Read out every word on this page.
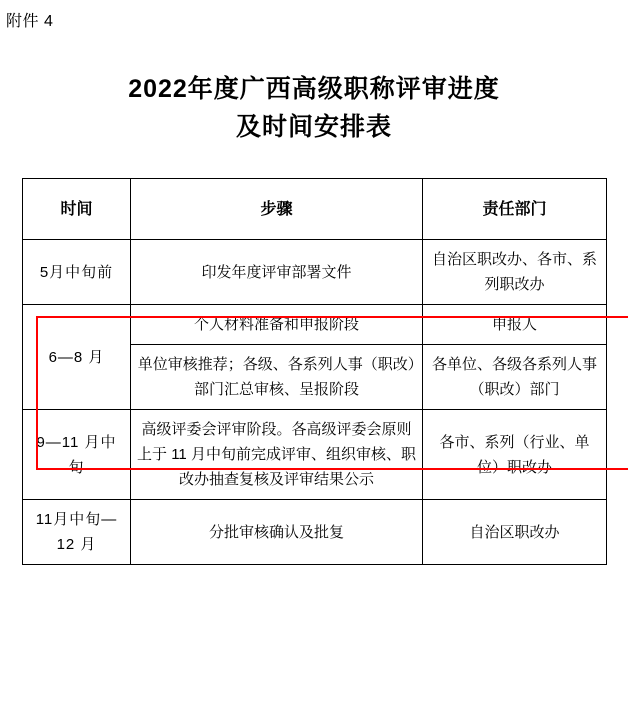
附件 4
2022年度广西高级职称评审进度
及时间安排表
时间	步骤	责任部门
5月中旬前	印发年度评审部署文件	自治区职改办、各市、系列职改办
6—8 月	个人材料准备和申报阶段	申报人
	单位审核推荐；各级、各系列人事（职改）部门汇总审核、呈报阶段	各单位、各级各系列人事（职改）部门
9—11 月中旬	高级评委会评审阶段。各高级评委会原则上于 11 月中旬前完成评审、组织审核、职改办抽查复核及评审结果公示	各市、系列（行业、单位）职改办
11月中旬—12 月	分批审核确认及批复	自治区职改办
